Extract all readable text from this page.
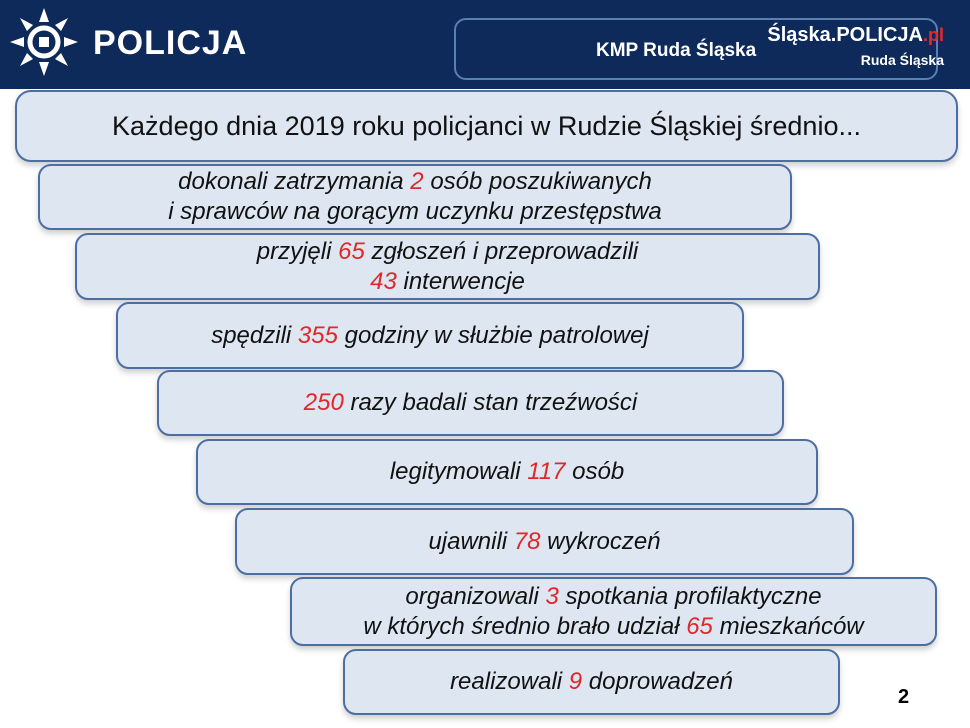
POLICJA	KMP Ruda Śląska
Śląska.POLICJA.pl
Ruda Śląska
Każdego dnia 2019 roku policjanci w Rudzie Śląskiej średnio...
dokonali zatrzymania 2 osób poszukiwanych
i sprawców na gorącym uczynku przestępstwa
przyjęli 65 zgłoszeń i przeprowadzili
43 interwencje
spędzili 355 godziny w służbie patrolowej
250 razy badali stan trzeźwości
legitymowali 117 osób
ujawnili 78 wykroczeń
organizowali 3 spotkania profilaktyczne
w których średnio brało udział 65 mieszkańców
realizowali 9 doprowadzeń
2
